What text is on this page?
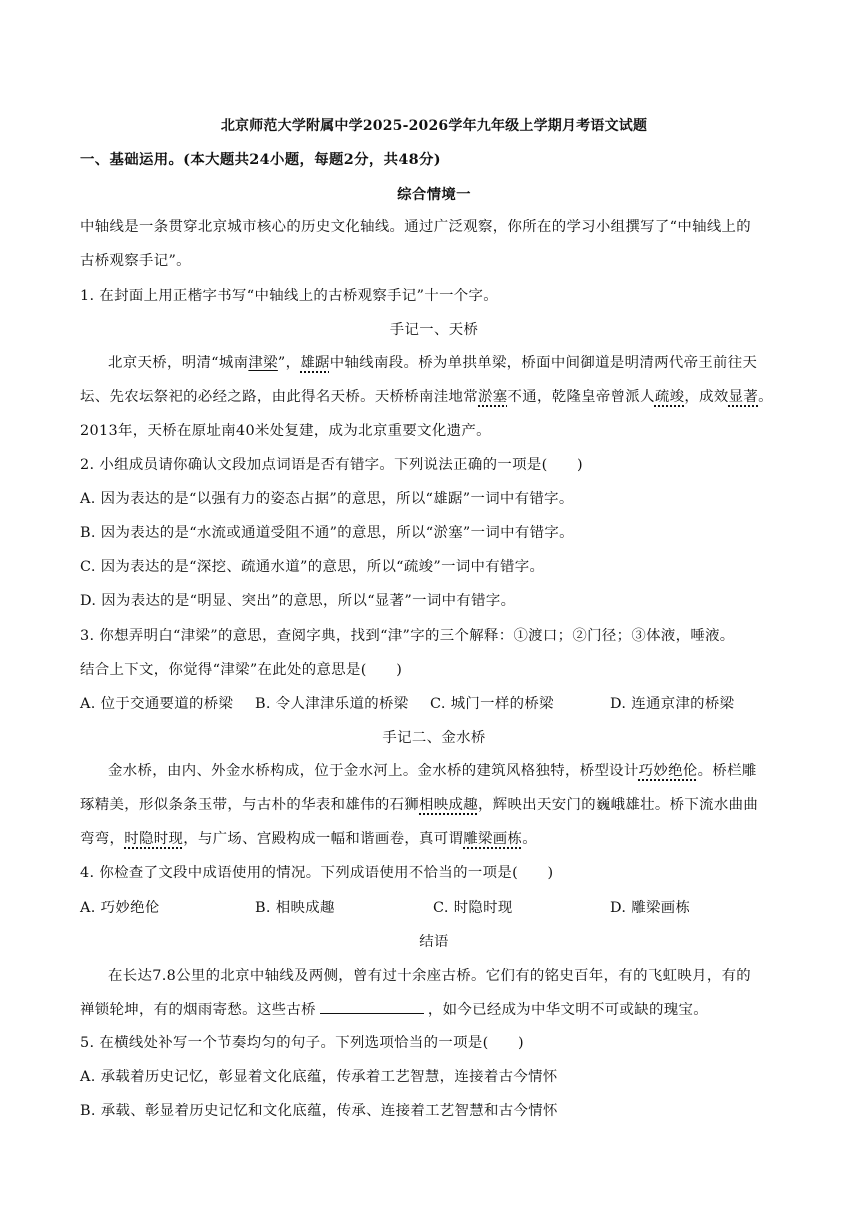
北京师范大学附属中学2025-2026学年九年级上学期月考语文试题
一、基础运用。(本大题共24小题，每题2分，共48分)
综合情境一
中轴线是一条贯穿北京城市核心的历史文化轴线。通过广泛观察，你所在的学习小组撰写了“中轴线上的
古桥观察手记”。
1. 在封面上用正楷字书写“中轴线上的古桥观察手记”十一个字。
手记一、天桥
北京天桥，明清“城南津梁”，雄踞中轴线南段。桥为单拱单梁，桥面中间御道是明清两代帝王前往天
坛、先农坛祭祀的必经之路，由此得名天桥。天桥桥南洼地常淤塞不通，乾隆皇帝曾派人疏竣，成效显著。
2013年，天桥在原址南40米处复建，成为北京重要文化遗产。
2. 小组成员请你确认文段加点词语是否有错字。下列说法正确的一项是(　　)
A. 因为表达的是“以强有力的姿态占据”的意思，所以“雄踞”一词中有错字。
B. 因为表达的是“水流或通道受阻不通”的意思，所以“淤塞”一词中有错字。
C. 因为表达的是“深挖、疏通水道”的意思，所以“疏竣”一词中有错字。
D. 因为表达的是“明显、突出”的意思，所以“显著”一词中有错字。
3. 你想弄明白“津梁”的意思，查阅字典，找到“津”字的三个解释：①渡口；②门径；③体液，唾液。
结合上下文，你觉得“津梁”在此处的意思是(　　)
A. 位于交通要道的桥梁 B. 令人津津乐道的桥梁 C. 城门一样的桥梁	D. 连通京津的桥梁
手记二、金水桥
金水桥，由内、外金水桥构成，位于金水河上。金水桥的建筑风格独特，桥型设计巧妙绝伦。桥栏雕
琢精美，形似条条玉带，与古朴的华表和雄伟的石狮相映成趣，辉映出天安门的巍峨雄壮。桥下流水曲曲
弯弯，时隐时现，与广场、宫殿构成一幅和谐画卷，真可谓雕梁画栋。
4. 你检查了文段中成语使用的情况。下列成语使用不恰当的一项是(　　)
A. 巧妙绝伦	B. 相映成趣	C. 时隐时现	D. 雕梁画栋
结语
在长达7.8公里的北京中轴线及两侧，曾有过十余座古桥。它们有的铭史百年，有的飞虹映月，有的
禅锁轮坤，有的烟雨寄愁。这些古桥	，如今已经成为中华文明不可或缺的瑰宝。
5. 在横线处补写一个节奏均匀的句子。下列选项恰当的一项是(　　)
A. 承载着历史记忆，彰显着文化底蕴，传承着工艺智慧，连接着古今情怀
B. 承载、彰显着历史记忆和文化底蕴，传承、连接着工艺智慧和古今情怀
